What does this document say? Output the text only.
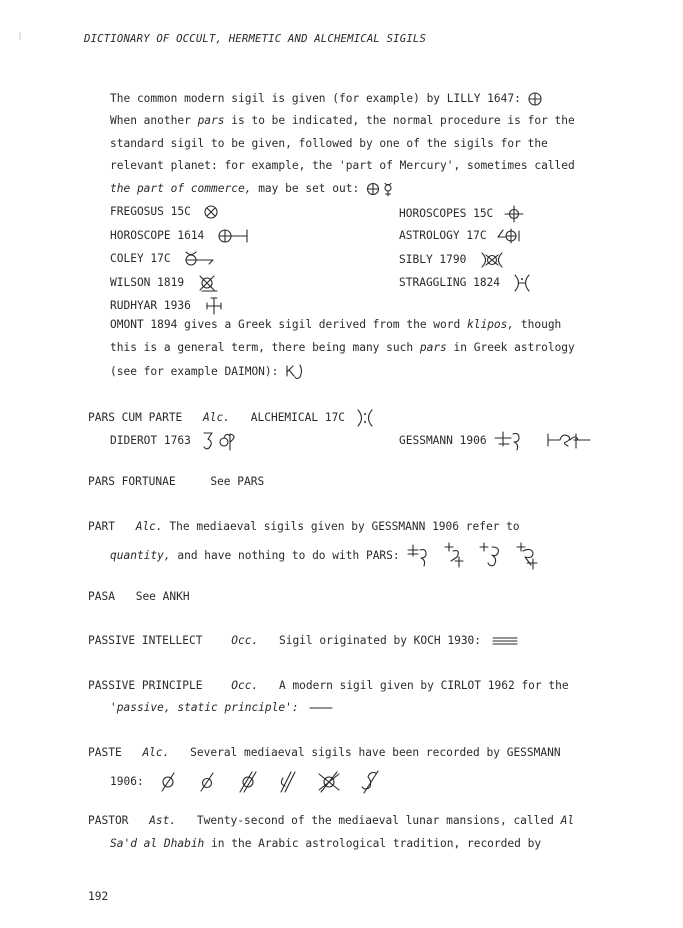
DICTIONARY OF OCCULT, HERMETIC AND ALCHEMICAL SIGILS
The common modern sigil is given (for example) by LILLY 1647:
When another pars is to be indicated, the normal procedure is for the
standard sigil to be given, followed by one of the sigils for the
relevant planet: for example, the 'part of Mercury', sometimes called
the part of commerce, may be set out:
FREGOSUS 15C	HOROSCOPES 15C
HOROSCOPE 1614	ASTROLOGY 17C
COLEY 17C	SIBLY 1790
WILSON 1819	STRAGGLING 1824
RUDHYAR 1936
OMONT 1894 gives a Greek sigil derived from the word klipos, though
this is a general term, there being many such pars in Greek astrology
(see for example DAIMON):
PARS CUM PARTE Alc. ALCHEMICAL 17C
DIDEROT 1763	GESSMANN 1906

PARS FORTUNAE	See PARS
PART Alc. The mediaeval sigils given by GESSMANN 1906 refer to
quantity, and have nothing to do with PARS:

PASA See ANKH
PASSIVE INTELLECT	Occ. Sigil originated by KOCH 1930:
PASSIVE PRINCIPLE	Occ. A modern sigil given by CIRLOT 1962 for the
'passive, static principle':
PASTE Alc. Several mediaeval sigils have been recorded by GESSMANN
1906:

PASTOR Ast. Twenty-second of the mediaeval lunar mansions, called Al
Sa'd al Dhabih in the Arabic astrological tradition, recorded by
192
